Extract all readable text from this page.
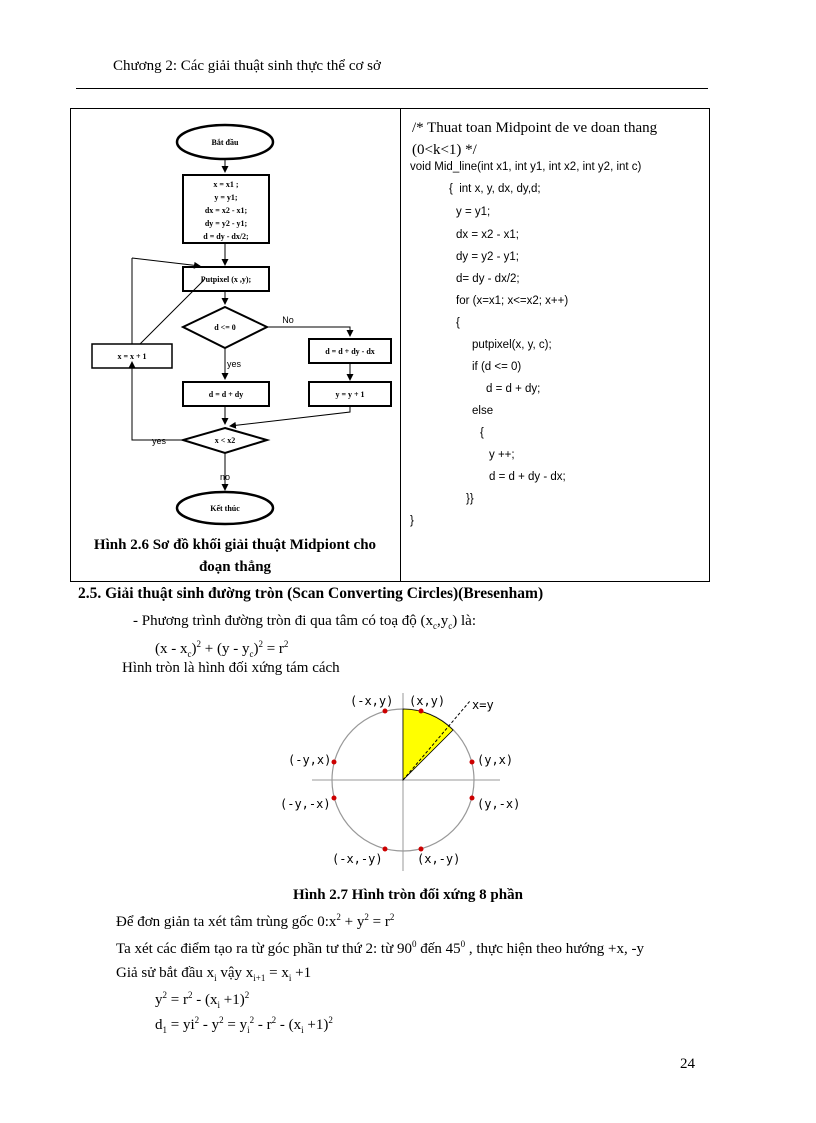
Chương 2: Các giải thuật sinh thực thể cơ sở
Bắt đầu
x = x1 ;
y = y1;
dx = x2 - x1;
dy = y2 - y1;
d = dy - dx/2;
Putpixel (x ,y);
d <= 0
No
yes
d = d + dy - dx
d = d + dy	y = y + 1
x = x + 1
x < x2
yes
no
Kết thúc
Hình 2.6 Sơ đồ khối giải thuật Midpiont cho
đoạn thẳng
/* Thuat toan Midpoint de ve doan thang
(0<k<1) */
void Mid_line(int x1, int y1, int x2, int y2, int c)
{  int x, y, dx, dy,d;
y = y1;
dx = x2 - x1;
dy = y2 - y1;
d= dy - dx/2;
for (x=x1; x<=x2; x++)
{
putpixel(x, y, c);
if (d <= 0)
d = d + dy;
else
{
y ++;
d = d + dy - dx;
}}
}
2.5. Giải thuật sinh đường tròn (Scan Converting Circles)(Bresenham)
- Phương trình đường tròn đi qua tâm có toạ độ $(x_c,y_c)$ là:
$(x - x_c)^2 + (y - y_c)^2 = r^2$
Hình tròn là hình đối xứng tám cách
(-x,y) (x,y) x=y
(-y,x)	(y,x)
(-y,-x)	(y,-x)
(-x,-y)	(x,-y)
Hình 2.7 Hình tròn đối xứng 8 phần
Để đơn giản ta xét tâm trùng gốc $0:x^2 + y^2 = r^2$
Ta xét các điểm tạo ra từ góc phần tư thứ 2: từ $90^0$ đến $45^0$ , thực hiện theo hướng +x, -y
Giả sử bắt đầu $x_i$ vậy $x_{i+1} = x_i +1$
$y^2 = r^2 - (x_i +1)^2$
$d_1 = yi^2 - y^2 = y_i^2 - r^2 - (x_i +1)^2$
24
